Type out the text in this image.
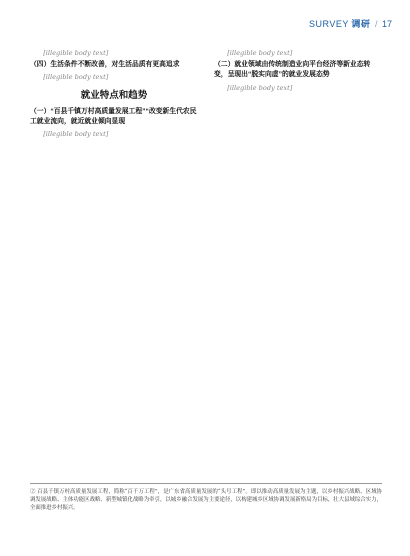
SURVEY 调研 / 17

[illegible body text]

（四）生活条件不断改善，对生活品质有更高追求

[illegible body text]

就业特点和趋势
（一）“百县千镇万村高质量发展工程”“改变新生代农民工就业流向，就近就业倾向显现

[illegible body text]

[illegible body text]

（二）就业领域由传统制造业向平台经济等新业态转变，呈现出“脱实向虚”的就业发展态势

[illegible body text]

② 百县千镇万村高质量发展工程，简称“百千万工程”，是广东省高质量发展的“头号工程”。即以推动高质量发展为主题，以乡村振兴战略、区域协调发展战略、主体功能区战略、新型城镇化战略为牵引，以城乡融合发展为主要途径，以构建城乡区域协调发展新格局为目标，壮大县域综合实力，全面推进乡村振兴。
